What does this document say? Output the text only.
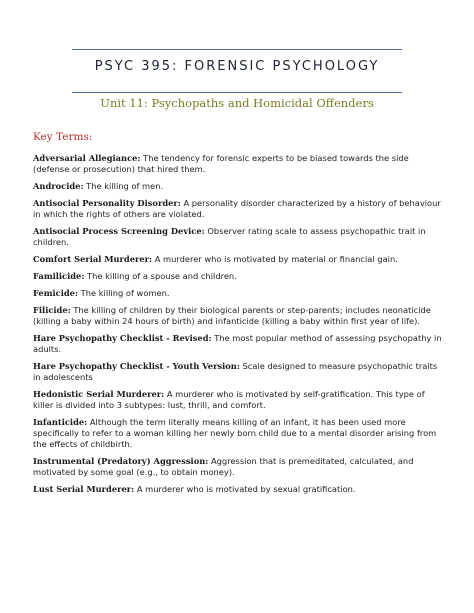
PSYC 395: FORENSIC PSYCHOLOGY
Unit 11: Psychopaths and Homicidal Offenders
Key Terms:
Adversarial Allegiance: The tendency for forensic experts to be biased towards the side (defense or prosecution) that hired them.
Androcide: The killing of men.
Antisocial Personality Disorder: A personality disorder characterized by a history of behaviour in which the rights of others are violated.
Antisocial Process Screening Device: Observer rating scale to assess psychopathic trait in children.
Comfort Serial Murderer: A murderer who is motivated by material or financial gain.
Familicide: The killing of a spouse and children.
Femicide: The killing of women.
Filicide: The killing of children by their biological parents or step-parents; includes neonaticide (killing a baby within 24 hours of birth) and infanticide (killing a baby within first year of life).
Hare Psychopathy Checklist - Revised: The most popular method of assessing psychopathy in adults.
Hare Psychopathy Checklist - Youth Version: Scale designed to measure psychopathic traits in adolescents
Hedonistic Serial Murderer: A murderer who is motivated by self-gratification. This type of killer is divided into 3 subtypes: lust, thrill, and comfort.
Infanticide: Although the term literally means killing of an infant, it has been used more specifically to refer to a woman killing her newly born child due to a mental disorder arising from the effects of childbirth.
Instrumental (Predatory) Aggression: Aggression that is premeditated, calculated, and motivated by some goal (e.g., to obtain money).
Lust Serial Murderer: A murderer who is motivated by sexual gratification.
